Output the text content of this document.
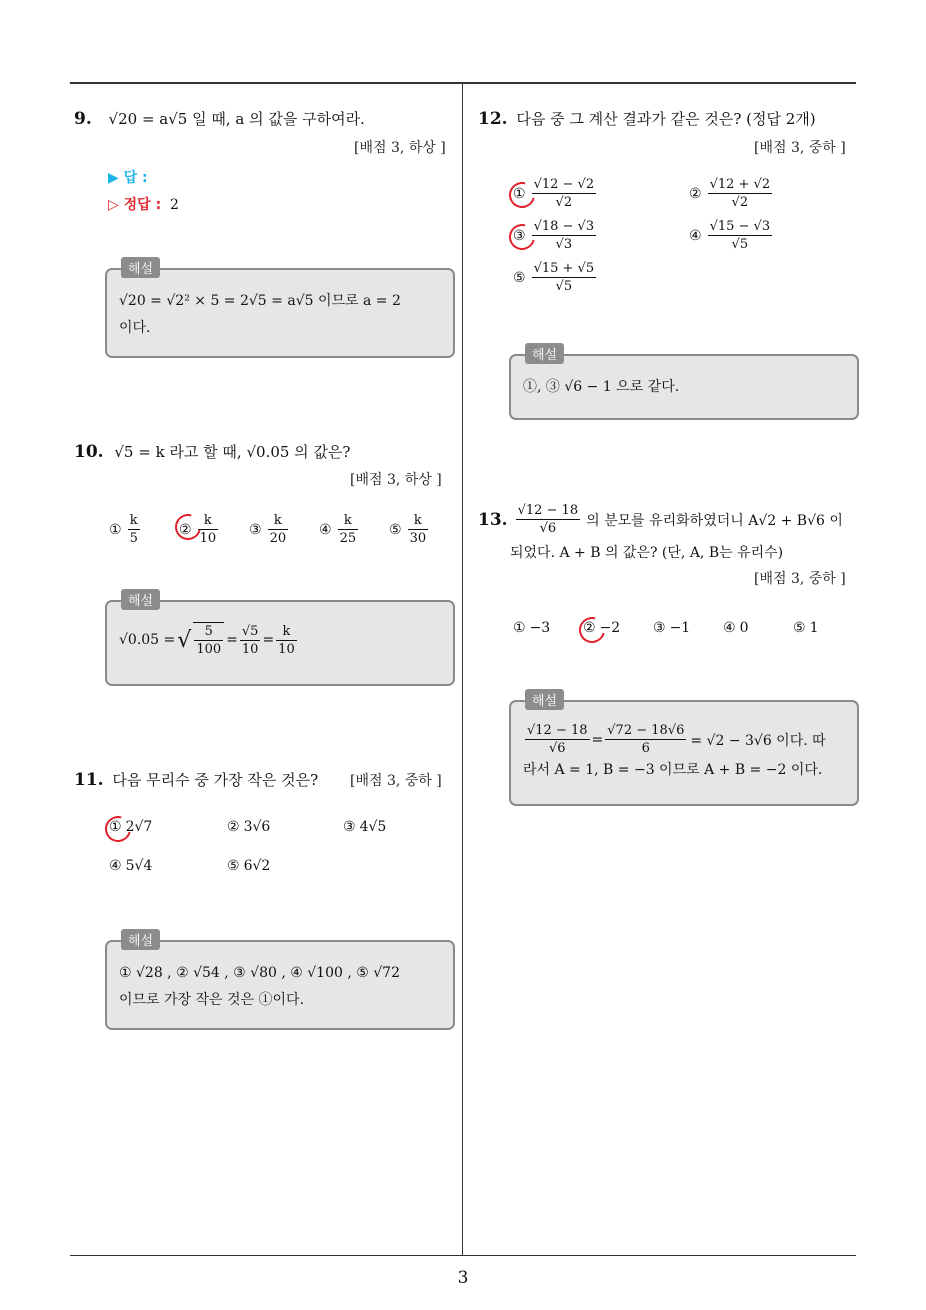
9. √20 = a√5 일 때, a 의 값을 구하여라.
[배점 3, 하상 ]
▶ 답 :
▷ 정답 : 2
해설
√20 = √2² × 5 = 2√5 = a√5 이므로 a = 2
이다.
10. √5 = k 라고 할 때, √0.05 의 값은?
[배점 3, 하상 ]
① $\frac{k}{5}$	② $\frac{k}{10}$ ③ $\frac{k}{20}$ ④ $\frac{k}{25}$ ⑤ $\frac{k}{30}$
해설
√0.05 = √ $\frac{5}{100} = \frac{√5}{10} = \frac{k}{10}$
11. 다음 무리수 중 가장 작은 것은?	[배점 3, 중하 ]
① 2√7	② 3√6	③ 4√5
④ 5√4	⑤ 6√2
해설
① √28 , ② √54 , ③ √80 , ④ √100 , ⑤ √72
이므로 가장 작은 것은 ①이다.
12. 다음 중 그 계산 결과가 같은 것은? (정답 2개)
[배점 3, 중하 ]
① $\frac{√12 - √2}{√2}$	② $\frac{√12 + √2}{√2}$
③ $\frac{√18 - √3}{√3}$	④ $\frac{√15 - √3}{√5}$
⑤ $\frac{√15 + √5}{√5}$
해설
①, ③ √6 − 1 으로 같다.
13. $\frac{√12 - 18}{√6}$ 의 분모를 유리화하였더니 A√2 + B√6 이
되었다. A + B 의 값은? (단, A, B는 유리수)
[배점 3, 중하 ]
① −3 ② −2 ③ −1 ④ 0	⑤ 1
해설
$\frac{√12 - 18}{√6} = \frac{√72 - 18√6}{6} = √2 - 3√6$ 이다. 따
라서 A = 1, B = −3 이므로 A + B = −2 이다.
3
